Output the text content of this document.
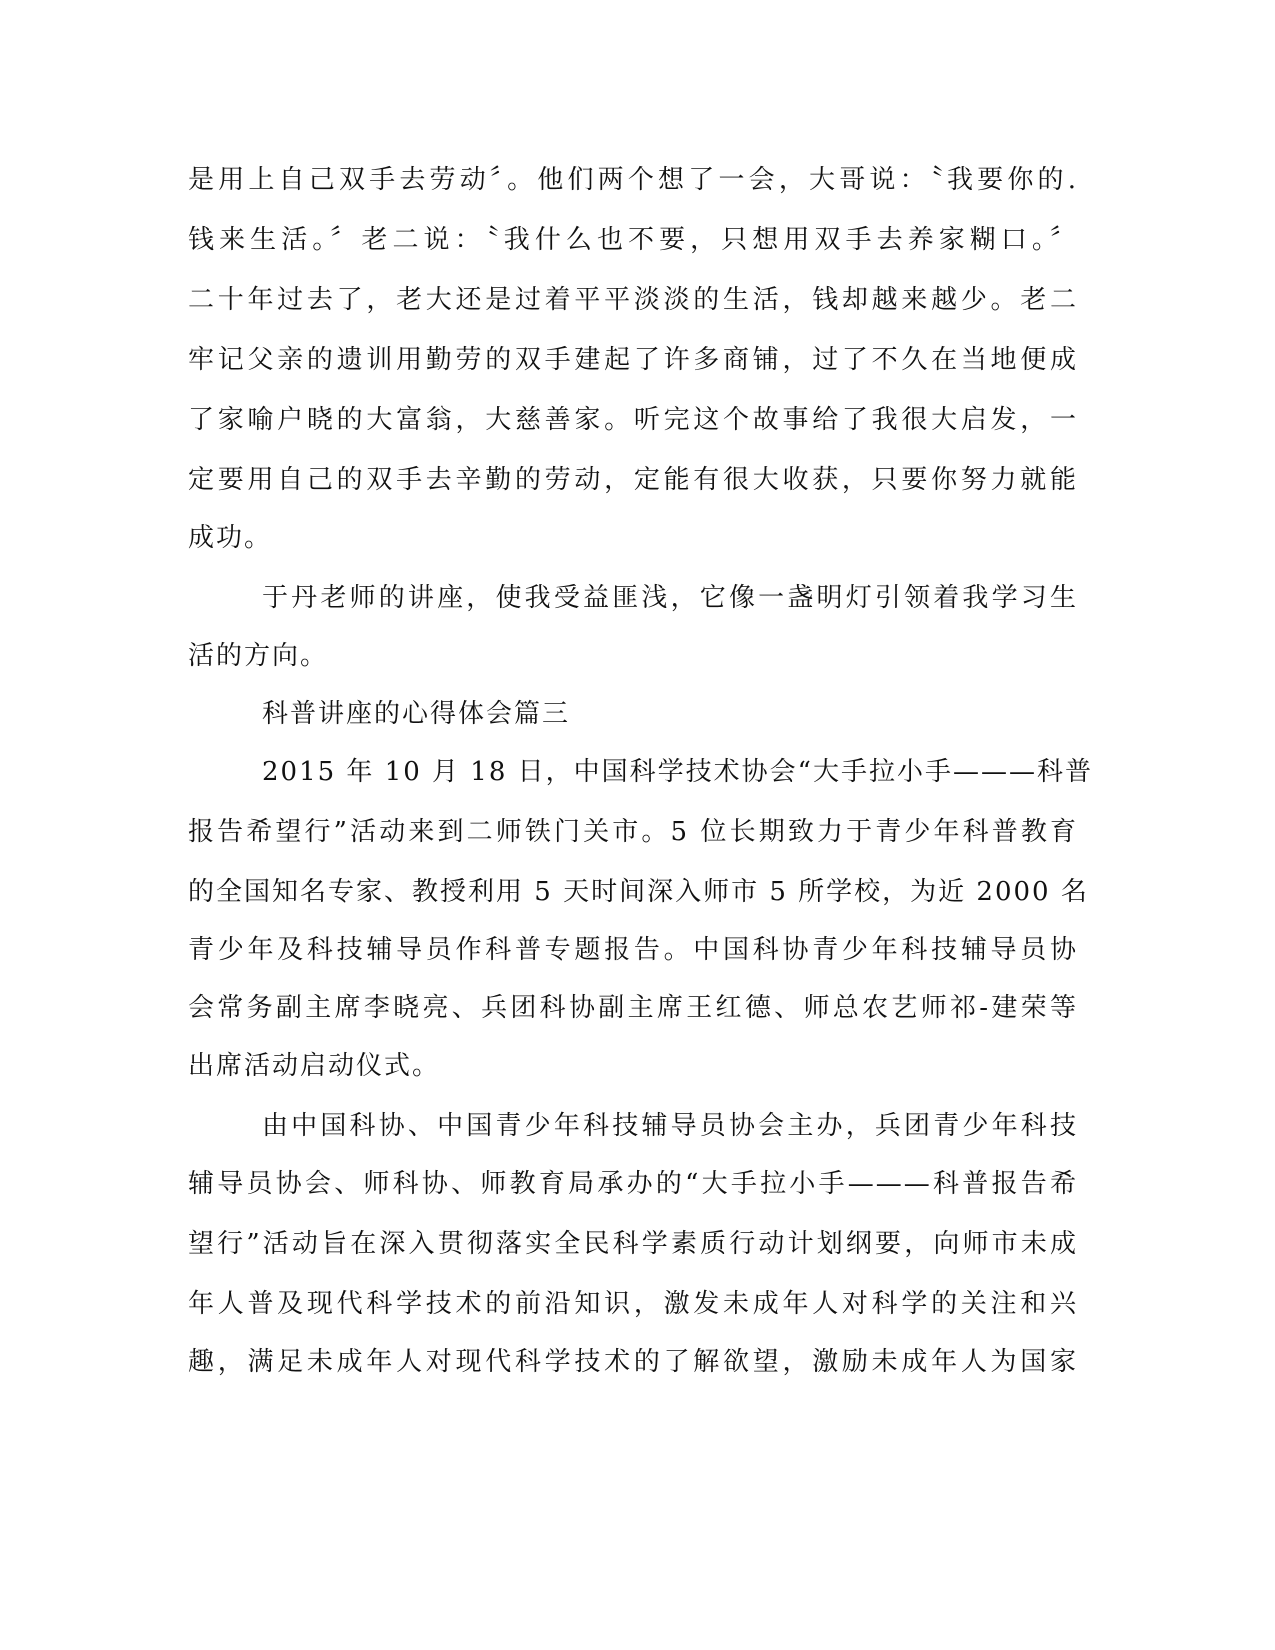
是用上自己双手去劳动〞。他们两个想了一会，大哥说：〝我要你的.
钱来生活。〞老二说：〝我什么也不要，只想用双手去养家糊口。〞
二十年过去了，老大还是过着平平淡淡的生活，钱却越来越少。老二
牢记父亲的遗训用勤劳的双手建起了许多商铺，过了不久在当地便成
了家喻户晓的大富翁，大慈善家。听完这个故事给了我很大启发，一
定要用自己的双手去辛勤的劳动，定能有很大收获，只要你努力就能
成功。
于丹老师的讲座，使我受益匪浅，它像一盏明灯引领着我学习生
活的方向。
科普讲座的心得体会篇三
2015 年 10 月 18 日，中国科学技术协会“大手拉小手———科普
报告希望行”活动来到二师铁门关市。5 位长期致力于青少年科普教育
的全国知名专家、教授利用 5 天时间深入师市 5 所学校，为近 2000 名
青少年及科技辅导员作科普专题报告。中国科协青少年科技辅导员协
会常务副主席李晓亮、兵团科协副主席王红德、师总农艺师祁-建荣等
出席活动启动仪式。
由中国科协、中国青少年科技辅导员协会主办，兵团青少年科技
辅导员协会、师科协、师教育局承办的“大手拉小手———科普报告希
望行”活动旨在深入贯彻落实全民科学素质行动计划纲要，向师市未成
年人普及现代科学技术的前沿知识，激发未成年人对科学的关注和兴
趣，满足未成年人对现代科学技术的了解欲望，激励未成年人为国家
